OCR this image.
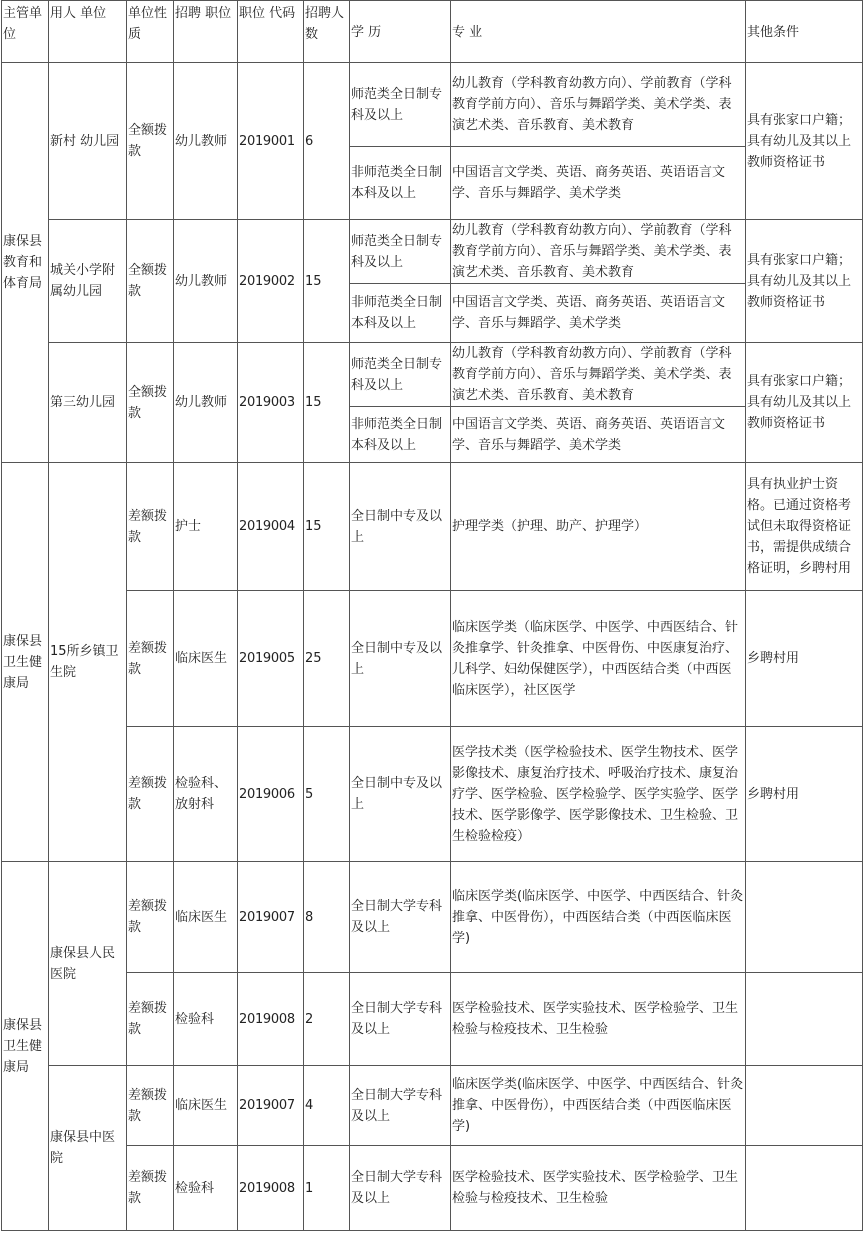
主管单位	用人 单位	单位性质	招聘 职位	职位 代码	招聘人数	学 历	专 业	其他条件
康保县教育和体育局	新村 幼儿园	全额拨款	幼儿教师	2019001	6	师范类全日制专科及以上	幼儿教育（学科教育幼教方向）、学前教育（学科教育学前方向）、音乐与舞蹈学类、美术学类、表演艺术类、音乐教育、美术教育	具有张家口户籍；具有幼儿及其以上教师资格证书
						非师范类全日制本科及以上	中国语言文学类、英语、商务英语、英语语言文学、音乐与舞蹈学、美术学类	
	城关小学附属幼儿园	全额拨款	幼儿教师	2019002	15	师范类全日制专科及以上	幼儿教育（学科教育幼教方向）、学前教育（学科教育学前方向）、音乐与舞蹈学类、美术学类、表演艺术类、音乐教育、美术教育	具有张家口户籍；具有幼儿及其以上教师资格证书
						非师范类全日制本科及以上	中国语言文学类、英语、商务英语、英语语言文学、音乐与舞蹈学、美术学类	
	第三幼儿园	全额拨款	幼儿教师	2019003	15	师范类全日制专科及以上	幼儿教育（学科教育幼教方向）、学前教育（学科教育学前方向）、音乐与舞蹈学类、美术学类、表演艺术类、音乐教育、美术教育	具有张家口户籍；具有幼儿及其以上教师资格证书
						非师范类全日制本科及以上	中国语言文学类、英语、商务英语、英语语言文学、音乐与舞蹈学、美术学类	
康保县卫生健康局	15所乡镇卫生院	差额拨款	护士	2019004	15	全日制中专及以上	护理学类（护理、助产、护理学）	具有执业护士资格。已通过资格考试但未取得资格证书，需提供成绩合格证明，乡聘村用
		差额拨款	临床医生	2019005	25	全日制中专及以上	临床医学类（临床医学、中医学、中西医结合、针灸推拿学、针灸推拿、中医骨伤、中医康复治疗、儿科学、妇幼保健医学），中西医结合类（中西医临床医学），社区医学	乡聘村用
		差额拨款	检验科、放射科	2019006	5	全日制中专及以上	医学技术类（医学检验技术、医学生物技术、医学影像技术、康复治疗技术、呼吸治疗技术、康复治疗学、医学检验、医学检验学、医学实验学、医学技术、医学影像学、医学影像技术、卫生检验、卫生检验检疫）	乡聘村用
康保县卫生健康局	康保县人民医院	差额拨款	临床医生	2019007	8	全日制大学专科及以上	临床医学类(临床医学、中医学、中西医结合、针灸推拿、中医骨伤），中西医结合类（中西医临床医学)	
		差额拨款	检验科	2019008	2	全日制大学专科及以上	医学检验技术、医学实验技术、医学检验学、卫生检验与检疫技术、卫生检验	
	康保县中医院	差额拨款	临床医生	2019007	4	全日制大学专科及以上	临床医学类(临床医学、中医学、中西医结合、针灸推拿、中医骨伤），中西医结合类（中西医临床医学)	
		差额拨款	检验科	2019008	1	全日制大学专科及以上	医学检验技术、医学实验技术、医学检验学、卫生检验与检疫技术、卫生检验	
